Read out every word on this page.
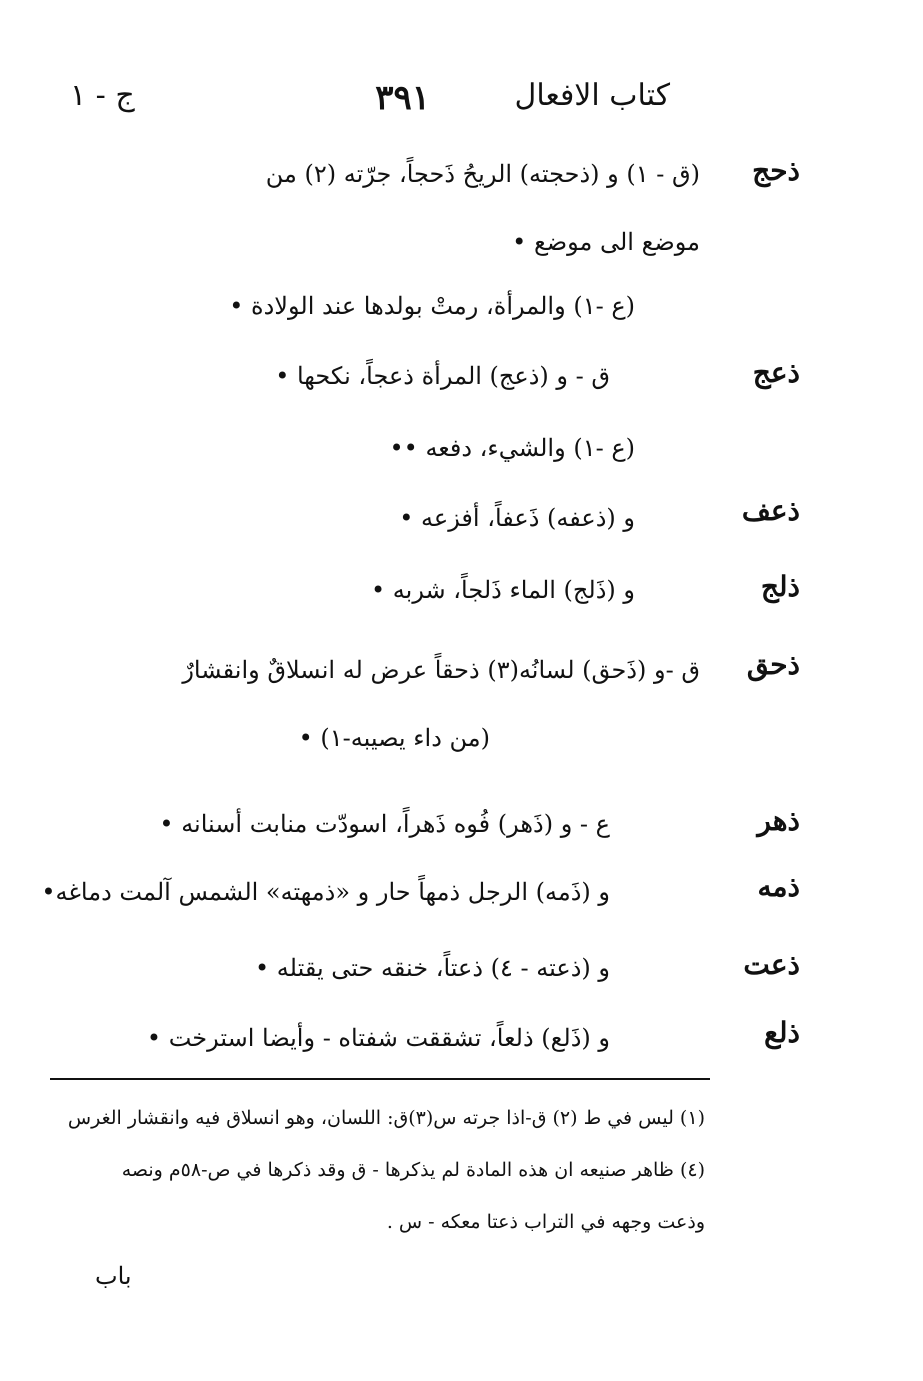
كتاب الافعال
٣٩١
ج - ١
ذحج
(ق - ١) و (ذحجته) الريحُ ذَحجاً، جرّته (٢) من
موضع الى موضع •
(ع -١) والمرأة، رمتْ بولدها عند الولادة •
ذعج
ق - و (ذعج) المرأة ذعجاً، نكحها •
(ع -١) والشيء، دفعه ••
ذعف
و (ذعفه) ذَعفاً، أفزعه •
ذلج
و (ذَلج) الماء ذَلجاً، شربه •
ذحق
ق -و (ذَحق) لسانُه(٣) ذحقاً عرض له انسلاقٌ وانقشارٌ
(من داء يصيبه-١) •
ذهر
ع - و (ذَهر) فُوه ذَهراً، اسودّت منابت أسنانه •
ذمه
و (ذَمه) الرجل ذمهاً حار و «ذمهته» الشمس آلمت دماغه•
ذعت
و (ذعته - ٤) ذعتاً، خنقه حتى يقتله •
ذلع
و (ذَلع) ذلعاً، تشققت شفتاه - وأيضا استرخت •
(١) ليس في ط (٢) ق-اذا جرته س(٣)ق: اللسان، وهو انسلاق فيه وانقشار الغرس
(٤) ظاهر صنيعه ان هذه المادة لم يذكرها - ق وقد ذكرها في ص-٥٨م ونصه
وذعت وجهه في التراب ذعتا معكه - س .
باب
